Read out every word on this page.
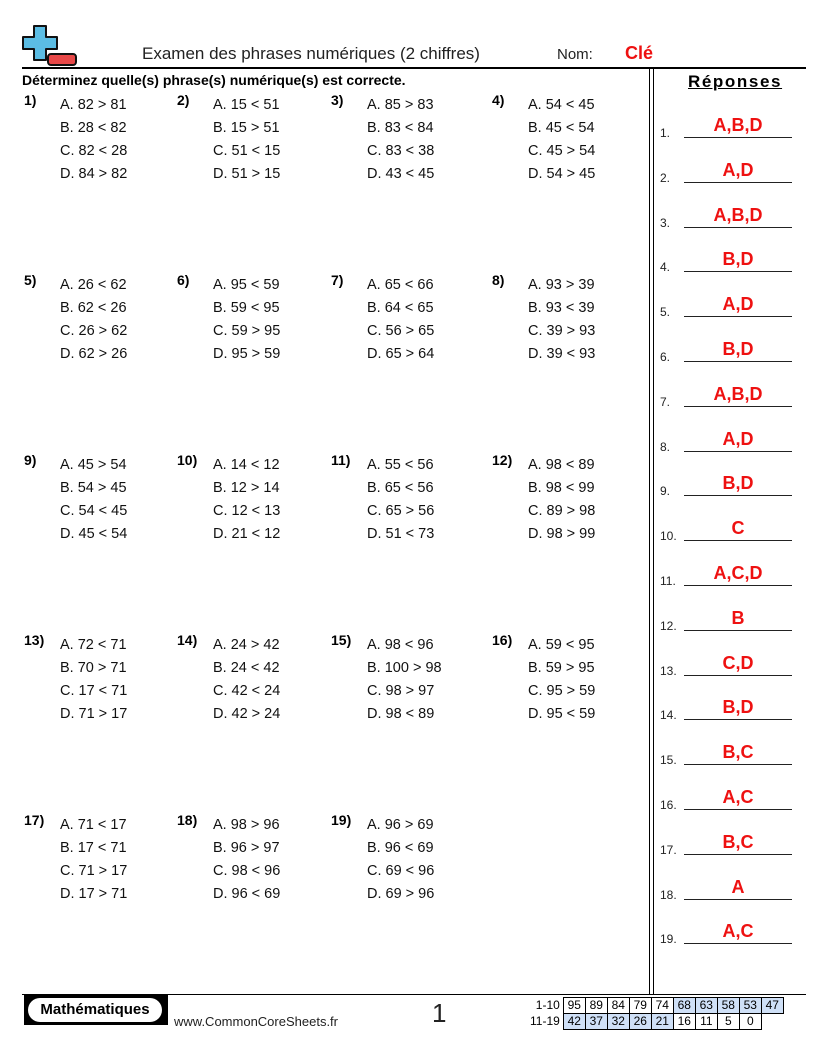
Examen des phrases numériques (2 chiffres)	Nom: Clé
Déterminez quelle(s) phrase(s) numérique(s) est correcte.	Réponses
1) A. 82 > 81
B. 28 < 82
C. 82 < 28
D. 84 > 82
2) A. 15 < 51
B. 15 > 51
C. 51 < 15
D. 51 > 15
3) A. 85 > 83
B. 83 < 84
C. 83 < 38
D. 43 < 45
4) A. 54 < 45
B. 45 < 54
C. 45 > 54
D. 54 > 45
5) A. 26 < 62
B. 62 < 26
C. 26 > 62
D. 62 > 26
6) A. 95 < 59
B. 59 < 95
C. 59 > 95
D. 95 > 59
7) A. 65 < 66
B. 64 < 65
C. 56 > 65
D. 65 > 64
8) A. 93 > 39
B. 93 < 39
C. 39 > 93
D. 39 < 93
9) A. 45 > 54
B. 54 > 45
C. 54 < 45
D. 45 < 54
10) A. 14 < 12
B. 12 > 14
C. 12 < 13
D. 21 < 12
11) A. 55 < 56
B. 65 < 56
C. 65 > 56
D. 51 < 73
12) A. 98 < 89
B. 98 < 99
C. 89 > 98
D. 98 > 99
13) A. 72 < 71
B. 70 > 71
C. 17 < 71
D. 71 > 17
14) A. 24 > 42
B. 24 < 42
C. 42 < 24
D. 42 > 24
15) A. 98 < 96
B. 100 > 98
C. 98 > 97
D. 98 < 89
16) A. 59 < 95
B. 59 > 95
C. 95 > 59
D. 95 < 59
17) A. 71 < 17
B. 17 < 71
C. 71 > 17
D. 17 > 71
18) A. 98 > 96
B. 96 > 97
C. 98 < 96
D. 96 < 69
19) A. 96 > 69
B. 96 < 69
C. 69 < 96
D. 69 > 96
1.	A,B,D
2.	A,D
3.	A,B,D
4.	B,D
5.	A,D
6.	B,D
7.	A,B,D
8.	A,D
9.	B,D
10.	C
11.	A,C,D
12.	B
13.	C,D
14.	B,D
15.	B,C
16.	A,C
17.	B,C
18.	A
19.	A,C
Mathématiques
www.CommonCoreSheets.fr	1	1-10	95	89	84	79	74	68	63	58	53	47
11-19	42	37	32	26	21	16	11	5	0	
